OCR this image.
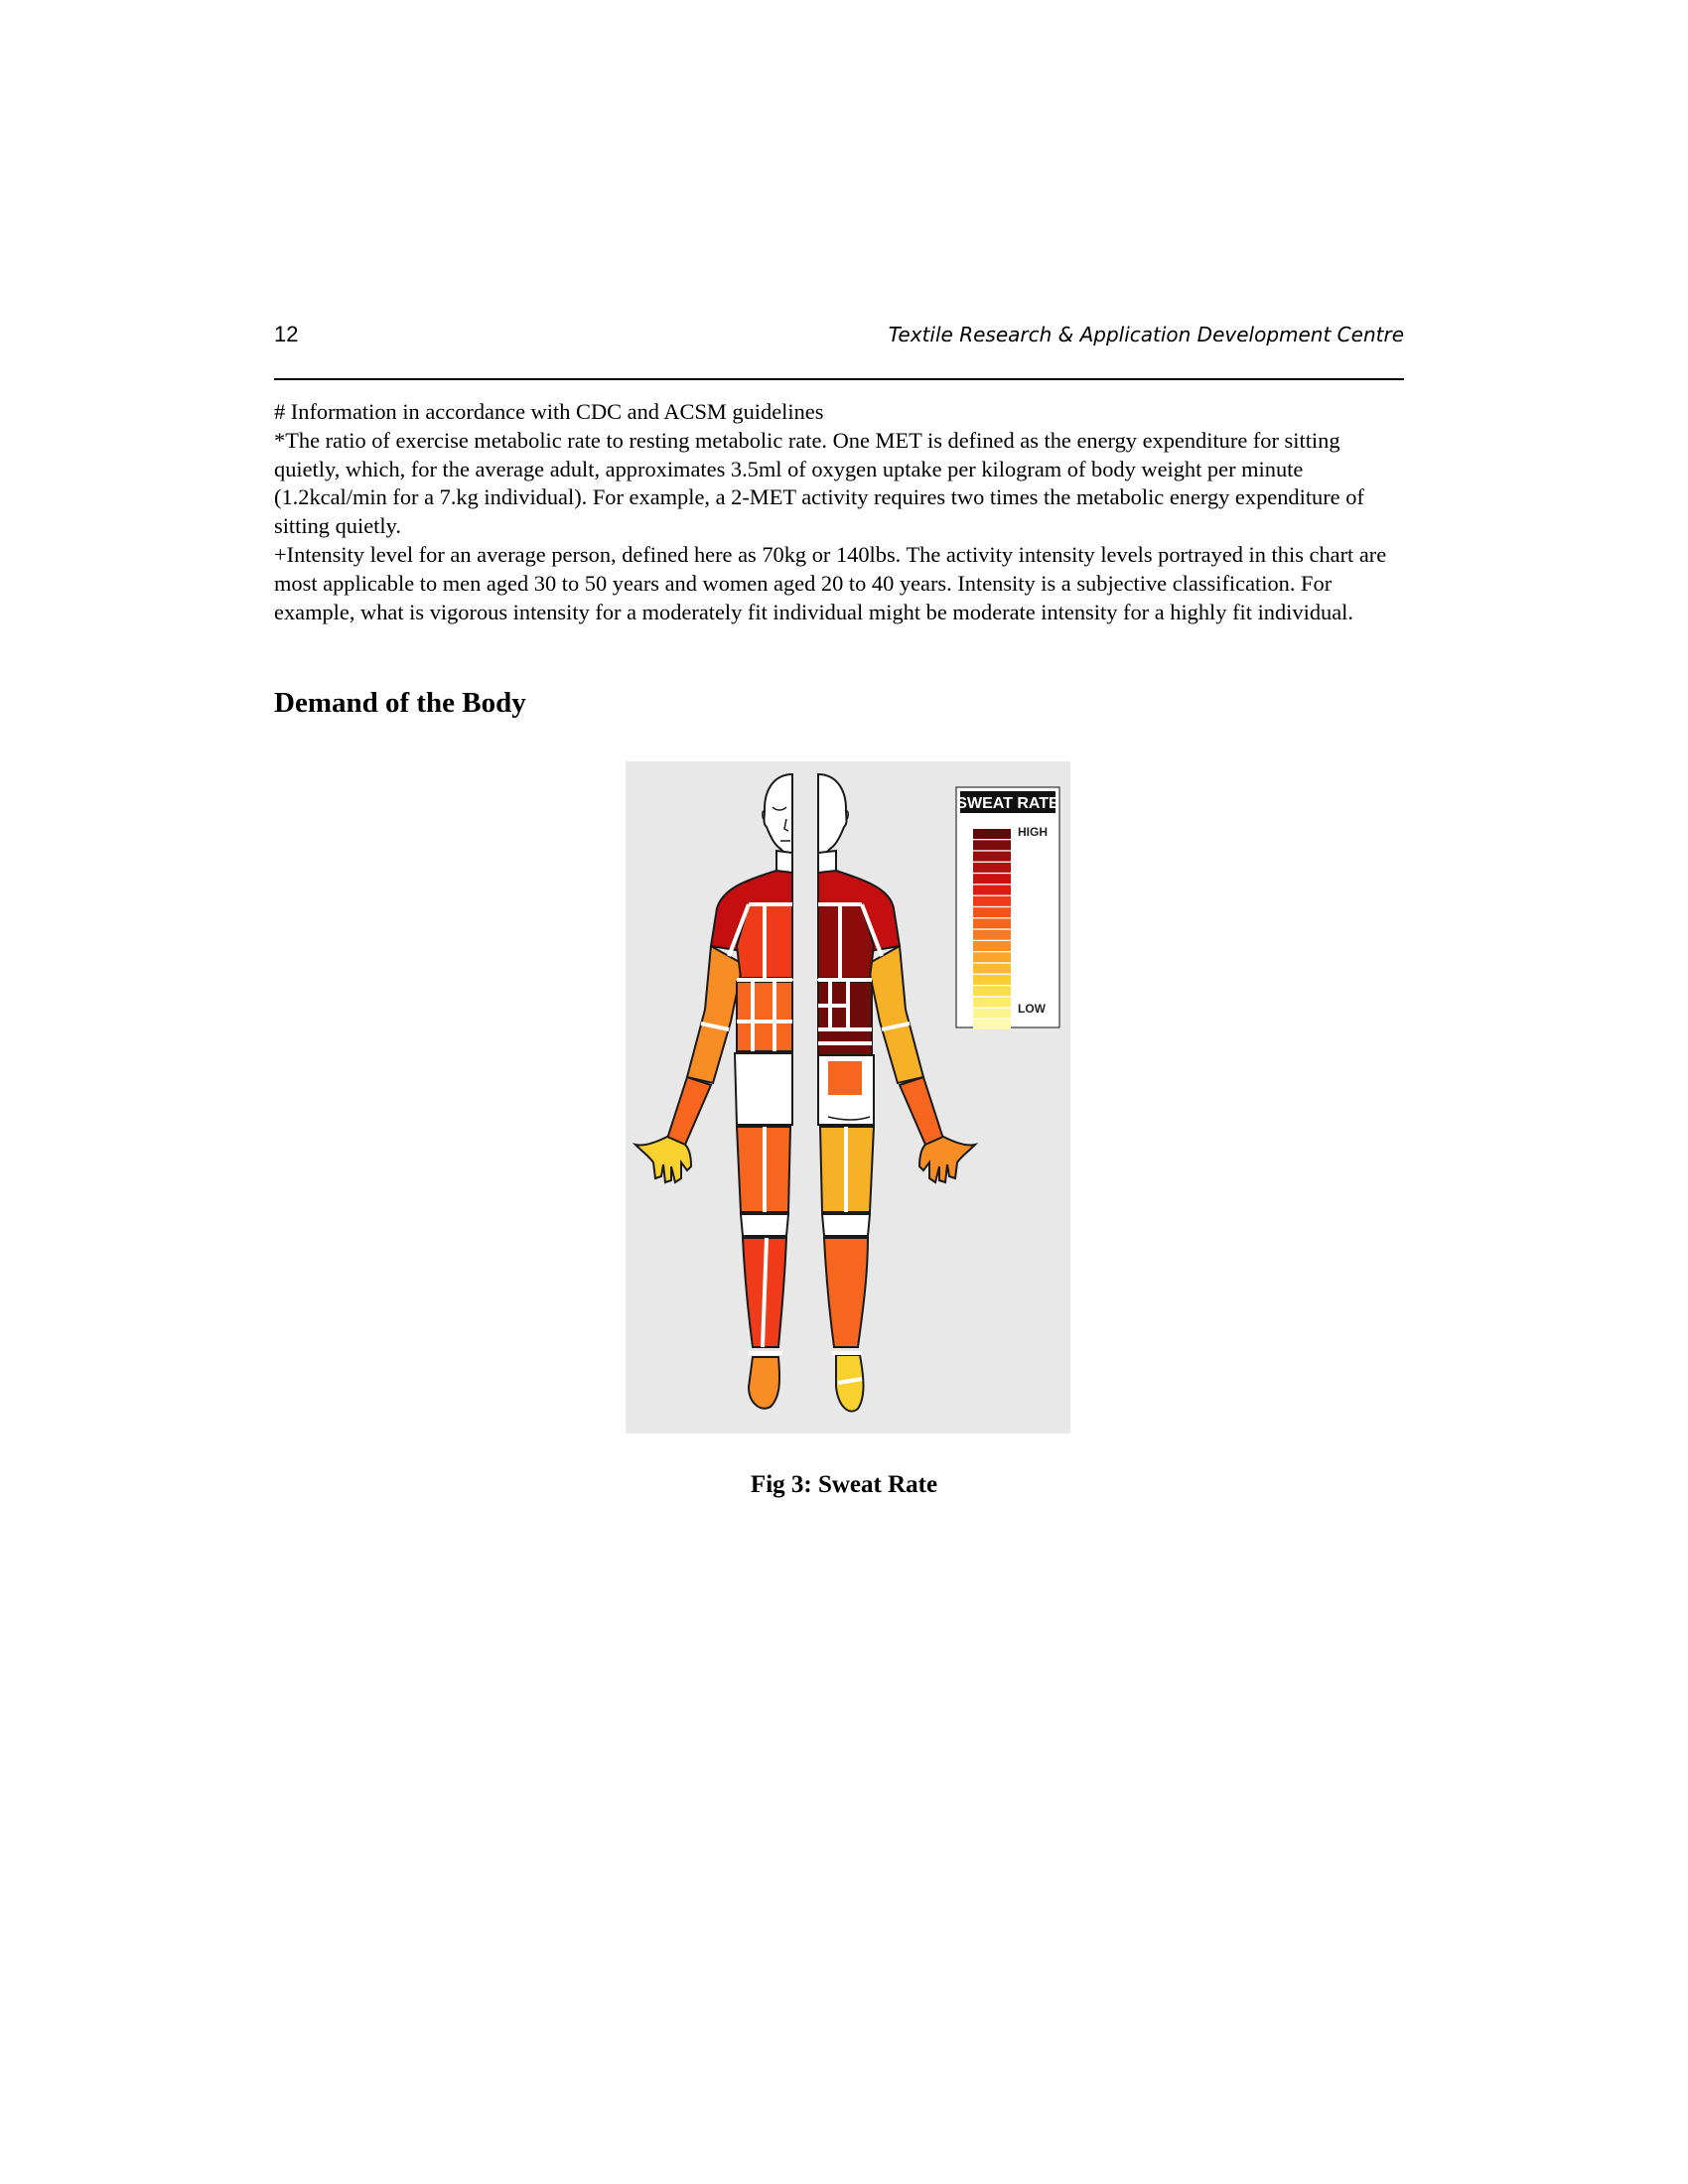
12	Textile Research & Application Development Centre

# Information in accordance with CDC and ACSM guidelines

*The ratio of exercise metabolic rate to resting metabolic rate. One MET is defined as the energy expenditure for sitting quietly, which, for the average adult, approximates 3.5ml of oxygen uptake per kilogram of body weight per minute (1.2kcal/min for a 7.kg individual). For example, a 2-MET activity requires two times the metabolic energy expenditure of sitting quietly.

+Intensity level for an average person, defined here as 70kg or 140lbs. The activity intensity levels portrayed in this chart are most applicable to men aged 30 to 50 years and women aged 20 to 40 years. Intensity is a subjective classification. For example, what is vigorous intensity for a moderately fit individual might be moderate intensity for a highly fit individual.

Demand of the Body
SWEAT RATE
HIGH
LOW
Fig 3: Sweat Rate
